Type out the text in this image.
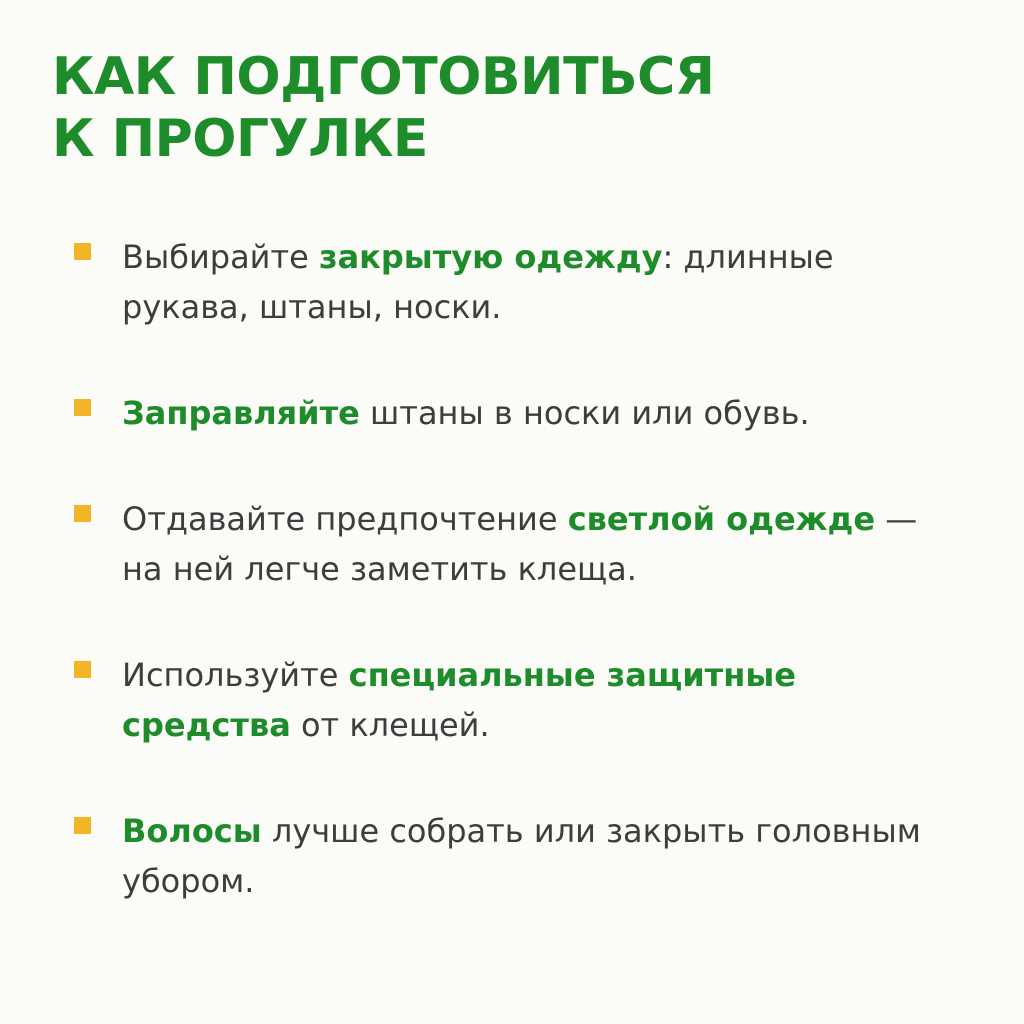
КАК ПОДГОТОВИТЬСЯ
К ПРОГУЛКЕ

Выбирайте закрытую одежду: длинные рукава, штаны, носки.

Заправляйте штаны в носки или обувь.

Отдавайте предпочтение светлой одежде — на ней легче заметить клеща.

Используйте специальные защитные средства от клещей.

Волосы лучше собрать или закрыть головным убором.
